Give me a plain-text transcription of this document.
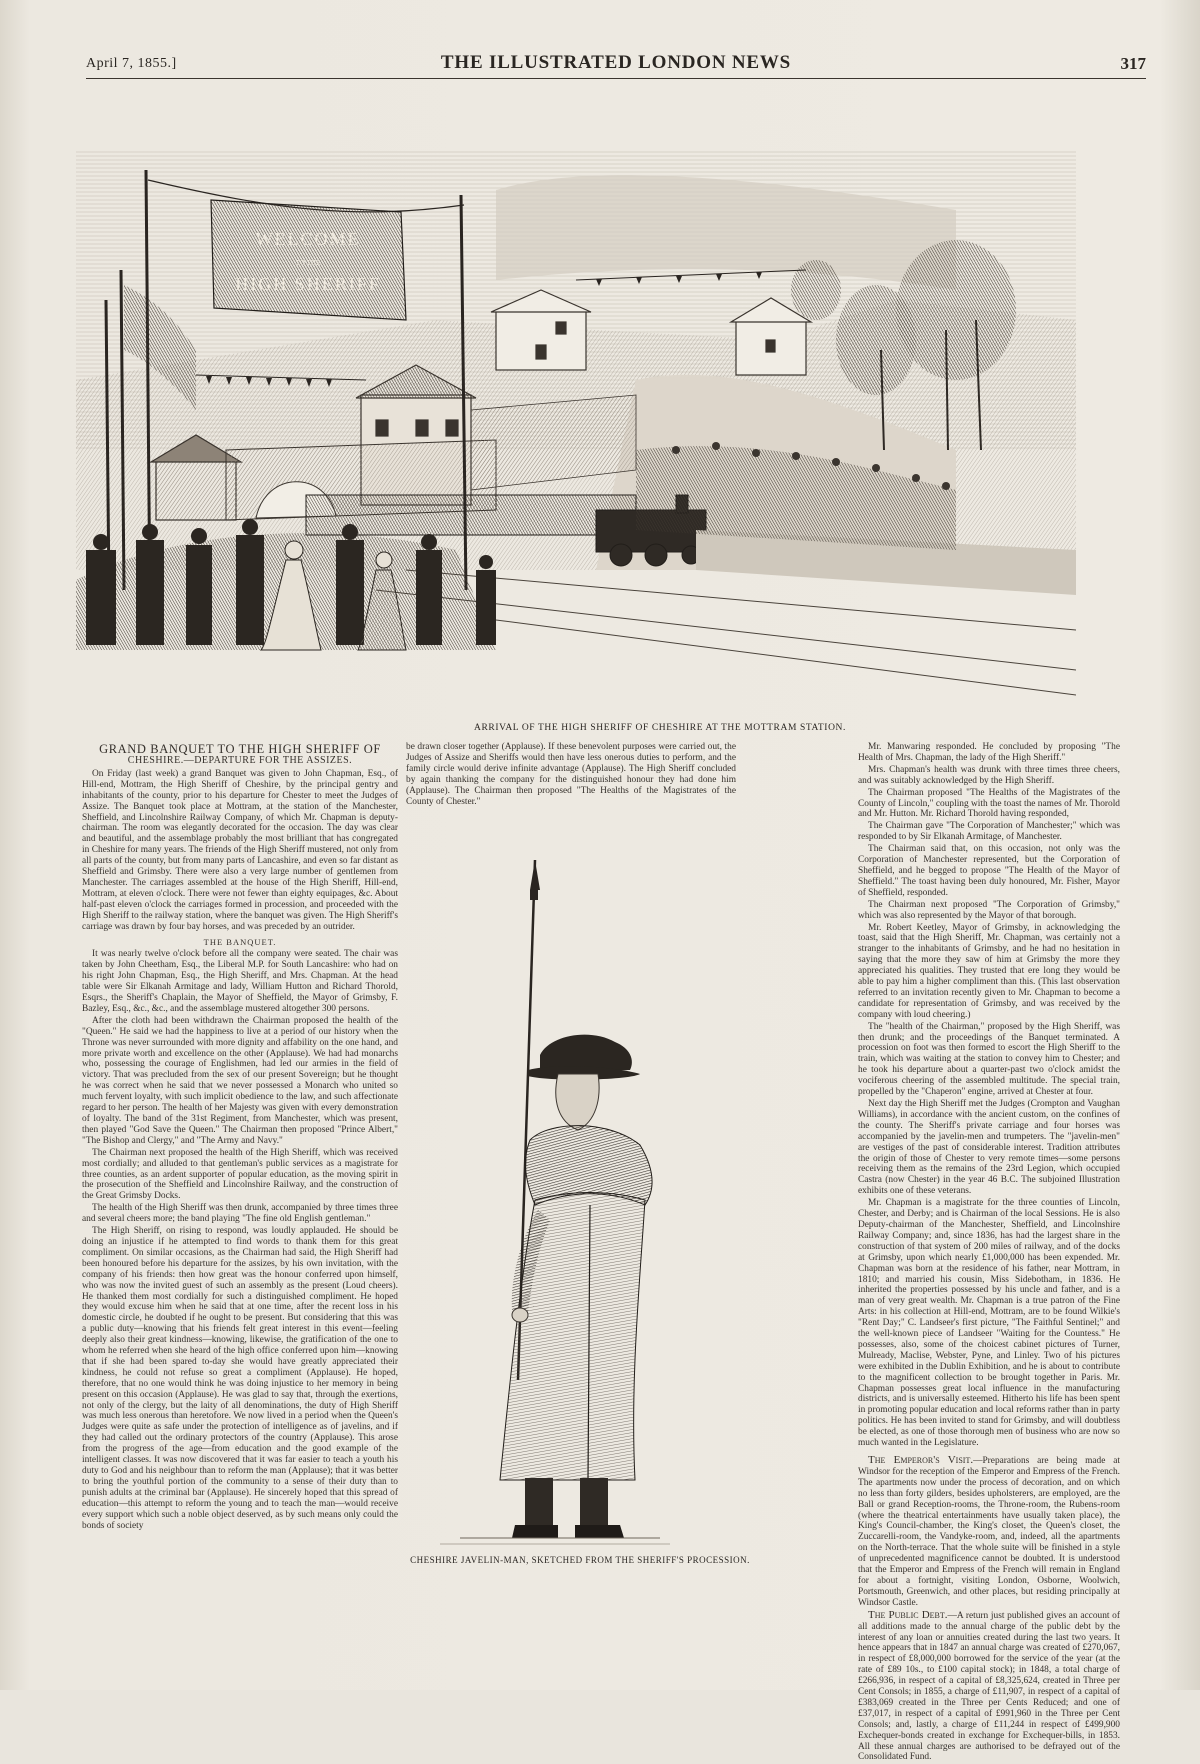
April 7, 1855.]	THE ILLUSTRATED LONDON NEWS	317
WELCOME
TO THE
HIGH SHERIFF
ARRIVAL OF THE HIGH SHERIFF OF CHESHIRE AT THE MOTTRAM STATION.
GRAND BANQUET TO THE HIGH SHERIFF OF
CHESHIRE.—DEPARTURE FOR THE ASSIZES.

On Friday (last week) a grand Banquet was given to John Chapman, Esq., of Hill-end, Mottram, the High Sheriff of Cheshire, by the principal gentry and inhabitants of the county, prior to his departure for Chester to meet the Judges of Assize. The Banquet took place at Mottram, at the station of the Manchester, Sheffield, and Lincolnshire Railway Company, of which Mr. Chapman is deputy-chairman. The room was elegantly decorated for the occasion. The day was clear and beautiful, and the assemblage probably the most brilliant that has congregated in Cheshire for many years. The friends of the High Sheriff mustered, not only from all parts of the county, but from many parts of Lancashire, and even so far distant as Sheffield and Grimsby. There were also a very large number of gentlemen from Manchester. The carriages assembled at the house of the High Sheriff, Hill-end, Mottram, at eleven o'clock. There were not fewer than eighty equipages, &c. About half-past eleven o'clock the carriages formed in procession, and proceeded with the High Sheriff to the railway station, where the banquet was given. The High Sheriff's carriage was drawn by four bay horses, and was preceded by an outrider.

THE BANQUET.

It was nearly twelve o'clock before all the company were seated. The chair was taken by John Cheetham, Esq., the Liberal M.P. for South Lancashire: who had on his right John Chapman, Esq., the High Sheriff, and Mrs. Chapman. At the head table were Sir Elkanah Armitage and lady, William Hutton and Richard Thorold, Esqrs., the Sheriff's Chaplain, the Mayor of Sheffield, the Mayor of Grimsby, F. Bazley, Esq., &c., &c., and the assemblage mustered altogether 300 persons.

After the cloth had been withdrawn the Chairman proposed the health of the "Queen." He said we had the happiness to live at a period of our history when the Throne was never surrounded with more dignity and affability on the one hand, and more private worth and excellence on the other (Applause). We had had monarchs who, possessing the courage of Englishmen, had led our armies in the field of victory. That was precluded from the sex of our present Sovereign; but he thought he was correct when he said that we never possessed a Monarch who united so much fervent loyalty, with such implicit obedience to the law, and such affectionate regard to her person. The health of her Majesty was given with every demonstration of loyalty. The band of the 31st Regiment, from Manchester, which was present, then played "God Save the Queen." The Chairman then proposed "Prince Albert," "The Bishop and Clergy," and "The Army and Navy."

The Chairman next proposed the health of the High Sheriff, which was received most cordially; and alluded to that gentleman's public services as a magistrate for three counties, as an ardent supporter of popular education, as the moving spirit in the prosecution of the Sheffield and Lincolnshire Railway, and the construction of the Great Grimsby Docks.

The health of the High Sheriff was then drunk, accompanied by three times three and several cheers more; the band playing "The fine old English gentleman."

The High Sheriff, on rising to respond, was loudly applauded. He should be doing an injustice if he attempted to find words to thank them for this great compliment. On similar occasions, as the Chairman had said, the High Sheriff had been honoured before his departure for the assizes, by his own invitation, with the company of his friends: then how great was the honour conferred upon himself, who was now the invited guest of such an assembly as the present (Loud cheers). He thanked them most cordially for such a distinguished compliment. He hoped they would excuse him when he said that at one time, after the recent loss in his domestic circle, he doubted if he ought to be present. But considering that this was a public duty—knowing that his friends felt great interest in this event—feeling deeply also their great kindness—knowing, likewise, the gratification of the one to whom he referred when she heard of the high office conferred upon him—knowing that if she had been spared to-day she would have greatly appreciated their kindness, he could not refuse so great a compliment (Applause). He hoped, therefore, that no one would think he was doing injustice to her memory in being present on this occasion (Applause). He was glad to say that, through the exertions, not only of the clergy, but the laity of all denominations, the duty of High Sheriff was much less onerous than heretofore. We now lived in a period when the Queen's Judges were quite as safe under the protection of intelligence as of javelins, and if they had called out the ordinary protectors of the country (Applause). This arose from the progress of the age—from education and the good example of the intelligent classes. It was now discovered that it was far easier to teach a youth his duty to God and his neighbour than to reform the man (Applause); that it was better to bring the youthful portion of the community to a sense of their duty than to punish adults at the criminal bar (Applause). He sincerely hoped that this spread of education—this attempt to reform the young and to teach the man—would receive every support which such a noble object deserved, as by such means only could the bonds of society

be drawn closer together (Applause). If these benevolent purposes were carried out, the Judges of Assize and Sheriffs would then have less onerous duties to perform, and the family circle would derive infinite advantage (Applause). The High Sheriff concluded by again thanking the company for the distinguished honour they had done him (Applause). The Chairman then proposed "The Healths of the Magistrates of the County of Chester."

CHESHIRE JAVELIN-MAN, SKETCHED FROM THE SHERIFF'S PROCESSION.

Mr. Manwaring responded. He concluded by proposing "The Health of Mrs. Chapman, the lady of the High Sheriff."

Mrs. Chapman's health was drunk with three times three cheers, and was suitably acknowledged by the High Sheriff.

The Chairman proposed "The Healths of the Magistrates of the County of Lincoln," coupling with the toast the names of Mr. Thorold and Mr. Hutton. Mr. Richard Thorold having responded,

The Chairman gave "The Corporation of Manchester;" which was responded to by Sir Elkanah Armitage, of Manchester.

The Chairman said that, on this occasion, not only was the Corporation of Manchester represented, but the Corporation of Sheffield, and he begged to propose "The Health of the Mayor of Sheffield." The toast having been duly honoured, Mr. Fisher, Mayor of Sheffield, responded.

The Chairman next proposed "The Corporation of Grimsby," which was also represented by the Mayor of that borough.

Mr. Robert Keetley, Mayor of Grimsby, in acknowledging the toast, said that the High Sheriff, Mr. Chapman, was certainly not a stranger to the inhabitants of Grimsby, and he had no hesitation in saying that the more they saw of him at Grimsby the more they appreciated his qualities. They trusted that ere long they would be able to pay him a higher compliment than this. (This last observation referred to an invitation recently given to Mr. Chapman to become a candidate for representation of Grimsby, and was received by the company with loud cheering.)

The "health of the Chairman," proposed by the High Sheriff, was then drunk; and the proceedings of the Banquet terminated. A procession on foot was then formed to escort the High Sheriff to the train, which was waiting at the station to convey him to Chester; and he took his departure about a quarter-past two o'clock amidst the vociferous cheering of the assembled multitude. The special train, propelled by the "Chaperon" engine, arrived at Chester at four.

Next day the High Sheriff met the Judges (Crompton and Vaughan Williams), in accordance with the ancient custom, on the confines of the county. The Sheriff's private carriage and four horses was accompanied by the javelin-men and trumpeters. The "javelin-men" are vestiges of the past of considerable interest. Tradition attributes the origin of those of Chester to very remote times—some persons receiving them as the remains of the 23rd Legion, which occupied Castra (now Chester) in the year 46 B.C. The subjoined Illustration exhibits one of these veterans.

Mr. Chapman is a magistrate for the three counties of Lincoln, Chester, and Derby; and is Chairman of the local Sessions. He is also Deputy-chairman of the Manchester, Sheffield, and Lincolnshire Railway Company; and, since 1836, has had the largest share in the construction of that system of 200 miles of railway, and of the docks at Grimsby, upon which nearly £1,000,000 has been expended. Mr. Chapman was born at the residence of his father, near Mottram, in 1810; and married his cousin, Miss Sidebotham, in 1836. He inherited the properties possessed by his uncle and father, and is a man of very great wealth. Mr. Chapman is a true patron of the Fine Arts: in his collection at Hill-end, Mottram, are to be found Wilkie's "Rent Day;" C. Landseer's first picture, "The Faithful Sentinel;" and the well-known piece of Landseer "Waiting for the Countess." He possesses, also, some of the choicest cabinet pictures of Turner, Mulready, Maclise, Webster, Pyne, and Linley. Two of his pictures were exhibited in the Dublin Exhibition, and he is about to contribute to the magnificent collection to be brought together in Paris. Mr. Chapman possesses great local influence in the manufacturing districts, and is universally esteemed. Hitherto his life has been spent in promoting popular education and local reforms rather than in party politics. He has been invited to stand for Grimsby, and will doubtless be elected, as one of those thorough men of business who are now so much wanted in the Legislature.

The Emperor's Visit.—Preparations are being made at Windsor for the reception of the Emperor and Empress of the French. The apartments now under the process of decoration, and on which no less than forty gilders, besides upholsterers, are employed, are the Ball or grand Reception-rooms, the Throne-room, the Rubens-room (where the theatrical entertainments have usually taken place), the King's Council-chamber, the King's closet, the Queen's closet, the Zuccarelli-room, the Vandyke-room, and, indeed, all the apartments on the North-terrace. That the whole suite will be finished in a style of unprecedented magnificence cannot be doubted. It is understood that the Emperor and Empress of the French will remain in England for about a fortnight, visiting London, Osborne, Woolwich, Portsmouth, Greenwich, and other places, but residing principally at Windsor Castle.

The Public Debt.—A return just published gives an account of all additions made to the annual charge of the public debt by the interest of any loan or annuities created during the last two years. It hence appears that in 1847 an annual charge was created of £270,067, in respect of £8,000,000 borrowed for the service of the year (at the rate of £89 10s., to £100 capital stock); in 1848, a total charge of £266,936, in respect of a capital of £8,325,624, created in Three per Cent Consols; in 1855, a charge of £11,907, in respect of a capital of £383,069 created in the Three per Cents Reduced; and one of £37,017, in respect of a capital of £991,960 in the Three per Cent Consols; and, lastly, a charge of £11,244 in respect of £499,900 Exchequer-bonds created in exchange for Exchequer-bills, in 1853. All these annual charges are authorised to be defrayed out of the Consolidated Fund.
